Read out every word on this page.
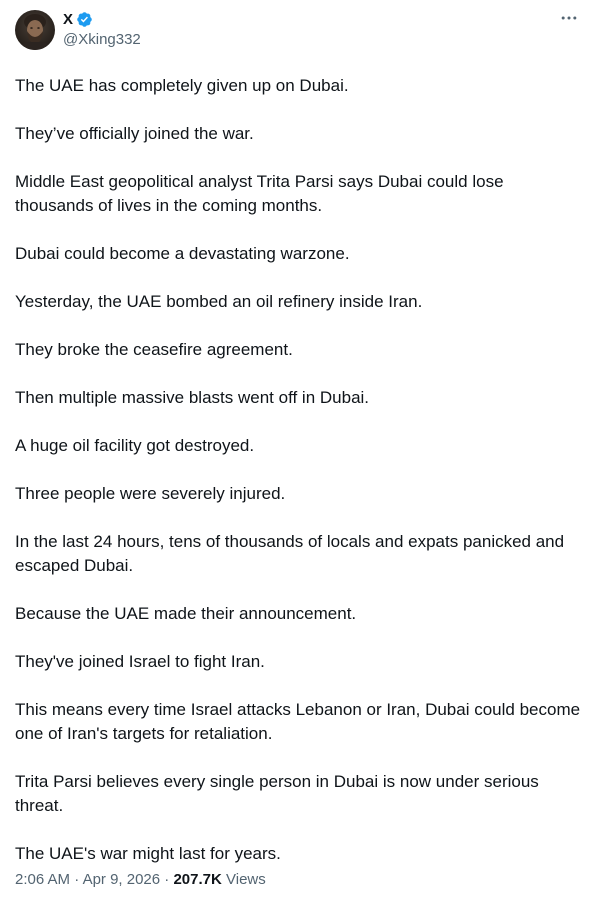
X
@Xking332

The UAE has completely given up on Dubai.

They’ve officially joined the war.

Middle East geopolitical analyst Trita Parsi says Dubai could lose thousands of lives in the coming months.

Dubai could become a devastating warzone.

Yesterday, the UAE bombed an oil refinery inside Iran.

They broke the ceasefire agreement.

Then multiple massive blasts went off in Dubai.

A huge oil facility got destroyed.

Three people were severely injured.

In the last 24 hours, tens of thousands of locals and expats panicked and escaped Dubai.

Because the UAE made their announcement.

They've joined Israel to fight Iran.

This means every time Israel attacks Lebanon or Iran, Dubai could become one of Iran's targets for retaliation.

Trita Parsi believes every single person in Dubai is now under serious threat.

The UAE's war might last for years.

2:06 AM · Apr 9, 2026 · 207.7K Views
